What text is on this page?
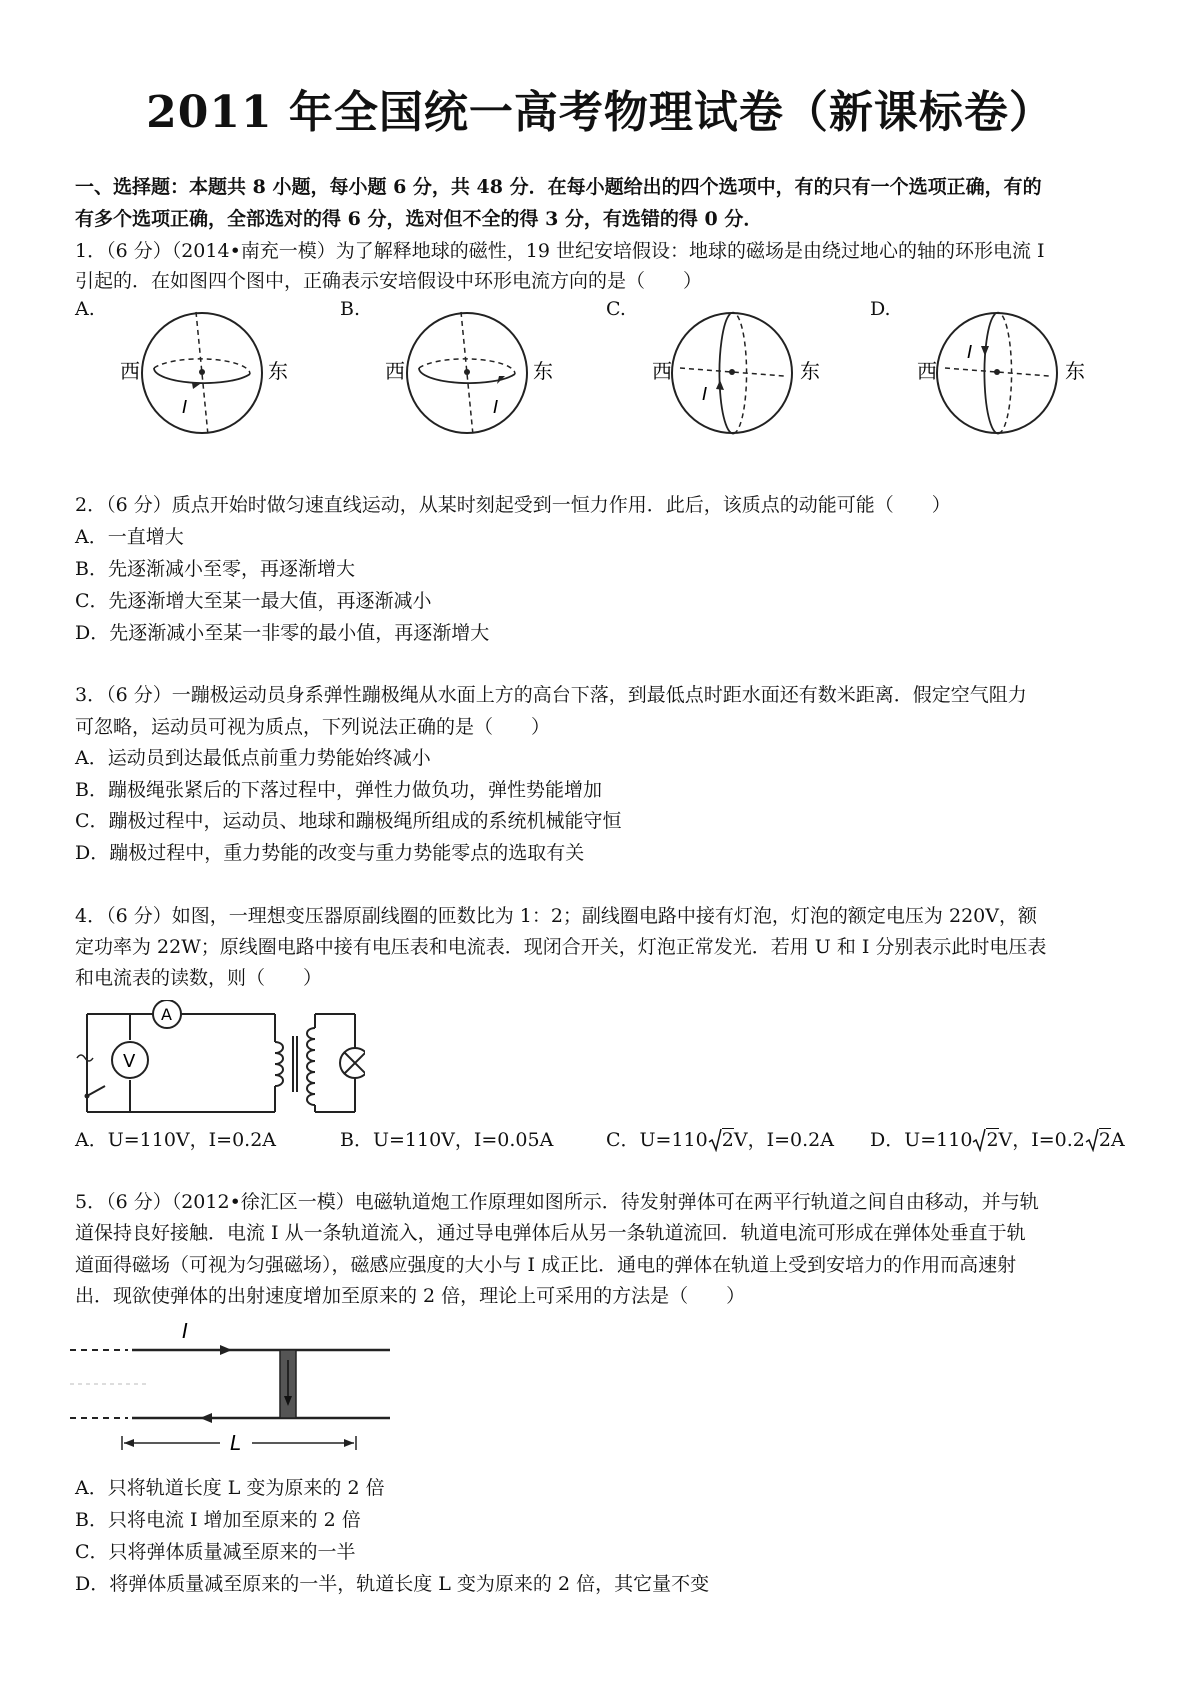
2011 年全国统一高考物理试卷（新课标卷）
一、选择题：本题共 8 小题，每小题 6 分，共 48 分．在每小题给出的四个选项中，有的只有一个选项正确，有的
有多个选项正确，全部选对的得 6 分，选对但不全的得 3 分，有选错的得 0 分．
1．（6 分）（2014•南充一模）为了解释地球的磁性，19 世纪安培假设：地球的磁场是由绕过地心的轴的环形电流 I
引起的．在如图四个图中，正确表示安培假设中环形电流方向的是（　　）
A.	B.	C.	D.
西	东
I
西	东
I
西	东
I
西	东
I
2．（6 分）质点开始时做匀速直线运动，从某时刻起受到一恒力作用．此后，该质点的动能可能（　　）
A．一直增大
B．先逐渐减小至零，再逐渐增大
C．先逐渐增大至某一最大值，再逐渐减小
D．先逐渐减小至某一非零的最小值，再逐渐增大
3．（6 分）一蹦极运动员身系弹性蹦极绳从水面上方的高台下落，到最低点时距水面还有数米距离．假定空气阻力
可忽略，运动员可视为质点，下列说法正确的是（　　）
A．运动员到达最低点前重力势能始终减小
B．蹦极绳张紧后的下落过程中，弹性力做负功，弹性势能增加
C．蹦极过程中，运动员、地球和蹦极绳所组成的系统机械能守恒
D．蹦极过程中，重力势能的改变与重力势能零点的选取有关
4．（6 分）如图，一理想变压器原副线圈的匝数比为 1：2；副线圈电路中接有灯泡，灯泡的额定电压为 220V，额
定功率为 22W；原线圈电路中接有电压表和电流表．现闭合开关，灯泡正常发光．若用 U 和 I 分别表示此时电压表
和电流表的读数，则（　　）
V
A
A．U=110V，I=0.2A	B．U=110V，I=0.05A	C．U=110 2V，I=0.2A D．U=110 2V，I=0.2 2A
5．（6 分）（2012•徐汇区一模）电磁轨道炮工作原理如图所示．待发射弹体可在两平行轨道之间自由移动，并与轨
道保持良好接触．电流 I 从一条轨道流入，通过导电弹体后从另一条轨道流回．轨道电流可形成在弹体处垂直于轨
道面得磁场（可视为匀强磁场），磁感应强度的大小与 I 成正比．通电的弹体在轨道上受到安培力的作用而高速射
出．现欲使弹体的出射速度增加至原来的 2 倍，理论上可采用的方法是（　　）
I
L
A．只将轨道长度 L 变为原来的 2 倍
B．只将电流 I 增加至原来的 2 倍
C．只将弹体质量减至原来的一半
D．将弹体质量减至原来的一半，轨道长度 L 变为原来的 2 倍，其它量不变
